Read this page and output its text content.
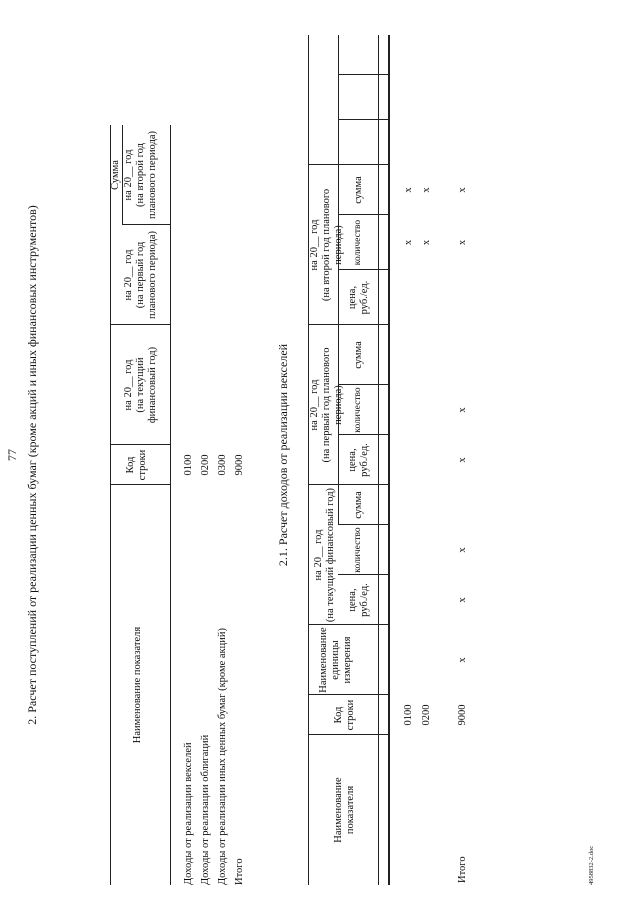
77 2. Расчет поступлений от реализации ценных бумаг (кроме акций и иных финансовых инструментов)	Наименование показателя
Код
строки
Сумма
на 20__ год
(на текущий
финансовый год)
на 20__ год
(на первый год
планового периода)
на 20__ год
(на второй год
планового периода)
Доходы от реализации векселей
0100
Доходы от реализации облигаций
0200
Доходы от реализации иных ценных бумаг (кроме акций)
0300
Итого
9000	2.1. Расчет доходов от реализации векселей
Наименование
показателя
Код
строки
Наименование
единицы
измерения
на 20__ год
(на текущий финансовый год)
на 20__ год
(на первый год планового
периода)
на 20__ год
(на второй год планового
периода)
цена,
руб./ед.
количество
сумма
цена,
руб./ед.
количество
сумма
цена,
руб./ед.
количество
сумма
0100
x
x
0200
x
x
Итого
9000
x
x
x
x
x
x
x
4958832-2.doc
